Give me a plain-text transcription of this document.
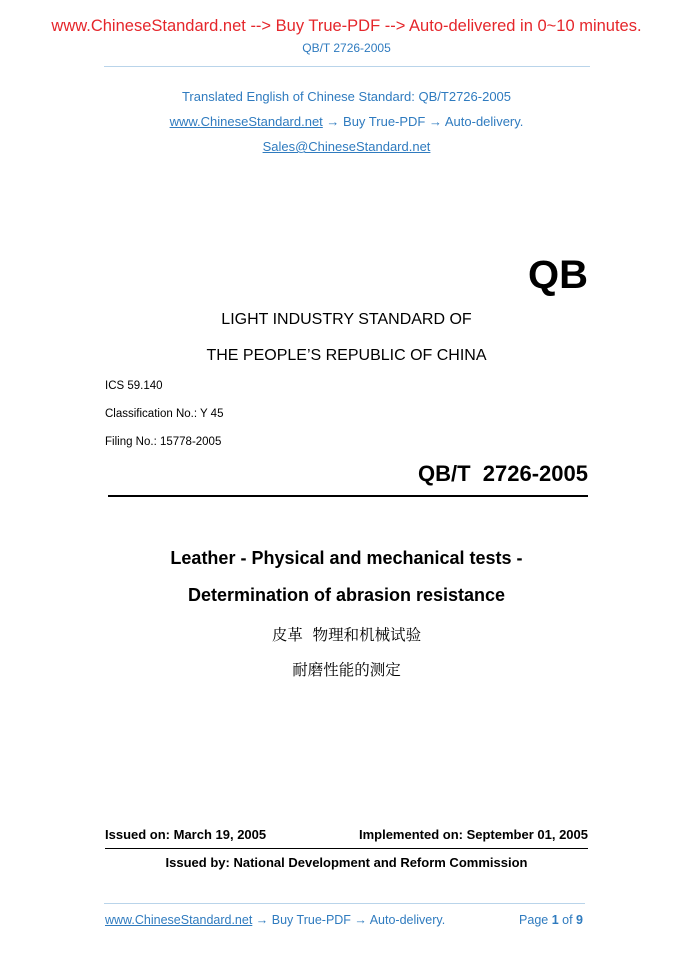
www.ChineseStandard.net --> Buy True-PDF --> Auto-delivered in 0~10 minutes.
QB/T 2726-2005
Translated English of Chinese Standard: QB/T2726-2005
www.ChineseStandard.net → Buy True-PDF → Auto-delivery.
Sales@ChineseStandard.net
QB
LIGHT INDUSTRY STANDARD OF
THE PEOPLE’S REPUBLIC OF CHINA
ICS 59.140
Classification No.: Y 45
Filing No.: 15778-2005
QB/T  2726-2005
Leather - Physical and mechanical tests -
Determination of abrasion resistance
皮革  物理和机械试验
耐磨性能的测定
Issued on: March 19, 2005	Implemented on: September 01, 2005
Issued by: National Development and Reform Commission
www.ChineseStandard.net → Buy True-PDF → Auto-delivery.	Page 1 of 9
